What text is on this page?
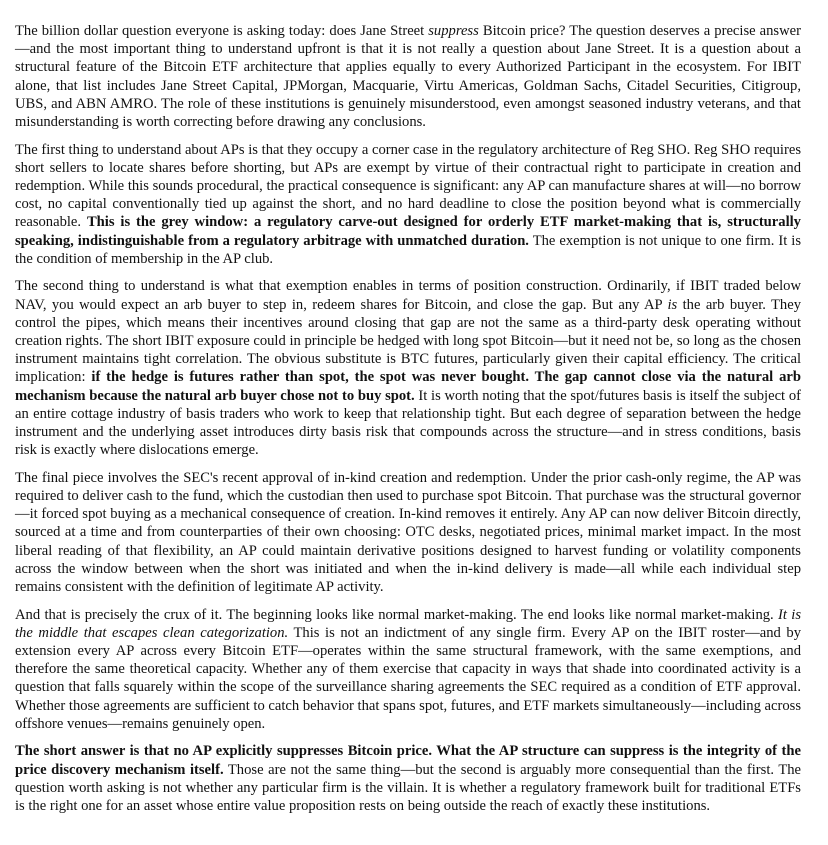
The billion dollar question everyone is asking today: does Jane Street suppress Bitcoin price? The question deserves a precise answer—and the most important thing to understand upfront is that it is not really a question about Jane Street. It is a question about a structural feature of the Bitcoin ETF architecture that applies equally to every Authorized Participant in the ecosystem. For IBIT alone, that list includes Jane Street Capital, JPMorgan, Macquarie, Virtu Americas, Goldman Sachs, Citadel Securities, Citigroup, UBS, and ABN AMRO. The role of these institutions is genuinely misunderstood, even amongst seasoned industry veterans, and that misunderstanding is worth correcting before drawing any conclusions.

The first thing to understand about APs is that they occupy a corner case in the regulatory architecture of Reg SHO. Reg SHO requires short sellers to locate shares before shorting, but APs are exempt by virtue of their contractual right to participate in creation and redemption. While this sounds procedural, the practical consequence is significant: any AP can manufacture shares at will—no borrow cost, no capital conventionally tied up against the short, and no hard deadline to close the position beyond what is commercially reasonable. This is the grey window: a regulatory carve-out designed for orderly ETF market-making that is, structurally speaking, indistinguishable from a regulatory arbitrage with unmatched duration. The exemption is not unique to one firm. It is the condition of membership in the AP club.

The second thing to understand is what that exemption enables in terms of position construction. Ordinarily, if IBIT traded below NAV, you would expect an arb buyer to step in, redeem shares for Bitcoin, and close the gap. But any AP is the arb buyer. They control the pipes, which means their incentives around closing that gap are not the same as a third-party desk operating without creation rights. The short IBIT exposure could in principle be hedged with long spot Bitcoin—but it need not be, so long as the chosen instrument maintains tight correlation. The obvious substitute is BTC futures, particularly given their capital efficiency. The critical implication: if the hedge is futures rather than spot, the spot was never bought. The gap cannot close via the natural arb mechanism because the natural arb buyer chose not to buy spot. It is worth noting that the spot/futures basis is itself the subject of an entire cottage industry of basis traders who work to keep that relationship tight. But each degree of separation between the hedge instrument and the underlying asset introduces dirty basis risk that compounds across the structure—and in stress conditions, basis risk is exactly where dislocations emerge.

The final piece involves the SEC's recent approval of in-kind creation and redemption. Under the prior cash-only regime, the AP was required to deliver cash to the fund, which the custodian then used to purchase spot Bitcoin. That purchase was the structural governor—it forced spot buying as a mechanical consequence of creation. In-kind removes it entirely. Any AP can now deliver Bitcoin directly, sourced at a time and from counterparties of their own choosing: OTC desks, negotiated prices, minimal market impact. In the most liberal reading of that flexibility, an AP could maintain derivative positions designed to harvest funding or volatility components across the window between when the short was initiated and when the in-kind delivery is made—all while each individual step remains consistent with the definition of legitimate AP activity.

And that is precisely the crux of it. The beginning looks like normal market-making. The end looks like normal market-making. It is the middle that escapes clean categorization. This is not an indictment of any single firm. Every AP on the IBIT roster—and by extension every AP across every Bitcoin ETF—operates within the same structural framework, with the same exemptions, and therefore the same theoretical capacity. Whether any of them exercise that capacity in ways that shade into coordinated activity is a question that falls squarely within the scope of the surveillance sharing agreements the SEC required as a condition of ETF approval. Whether those agreements are sufficient to catch behavior that spans spot, futures, and ETF markets simultaneously—including across offshore venues—remains genuinely open.

The short answer is that no AP explicitly suppresses Bitcoin price. What the AP structure can suppress is the integrity of the price discovery mechanism itself. Those are not the same thing—but the second is arguably more consequential than the first. The question worth asking is not whether any particular firm is the villain. It is whether a regulatory framework built for traditional ETFs is the right one for an asset whose entire value proposition rests on being outside the reach of exactly these institutions.
